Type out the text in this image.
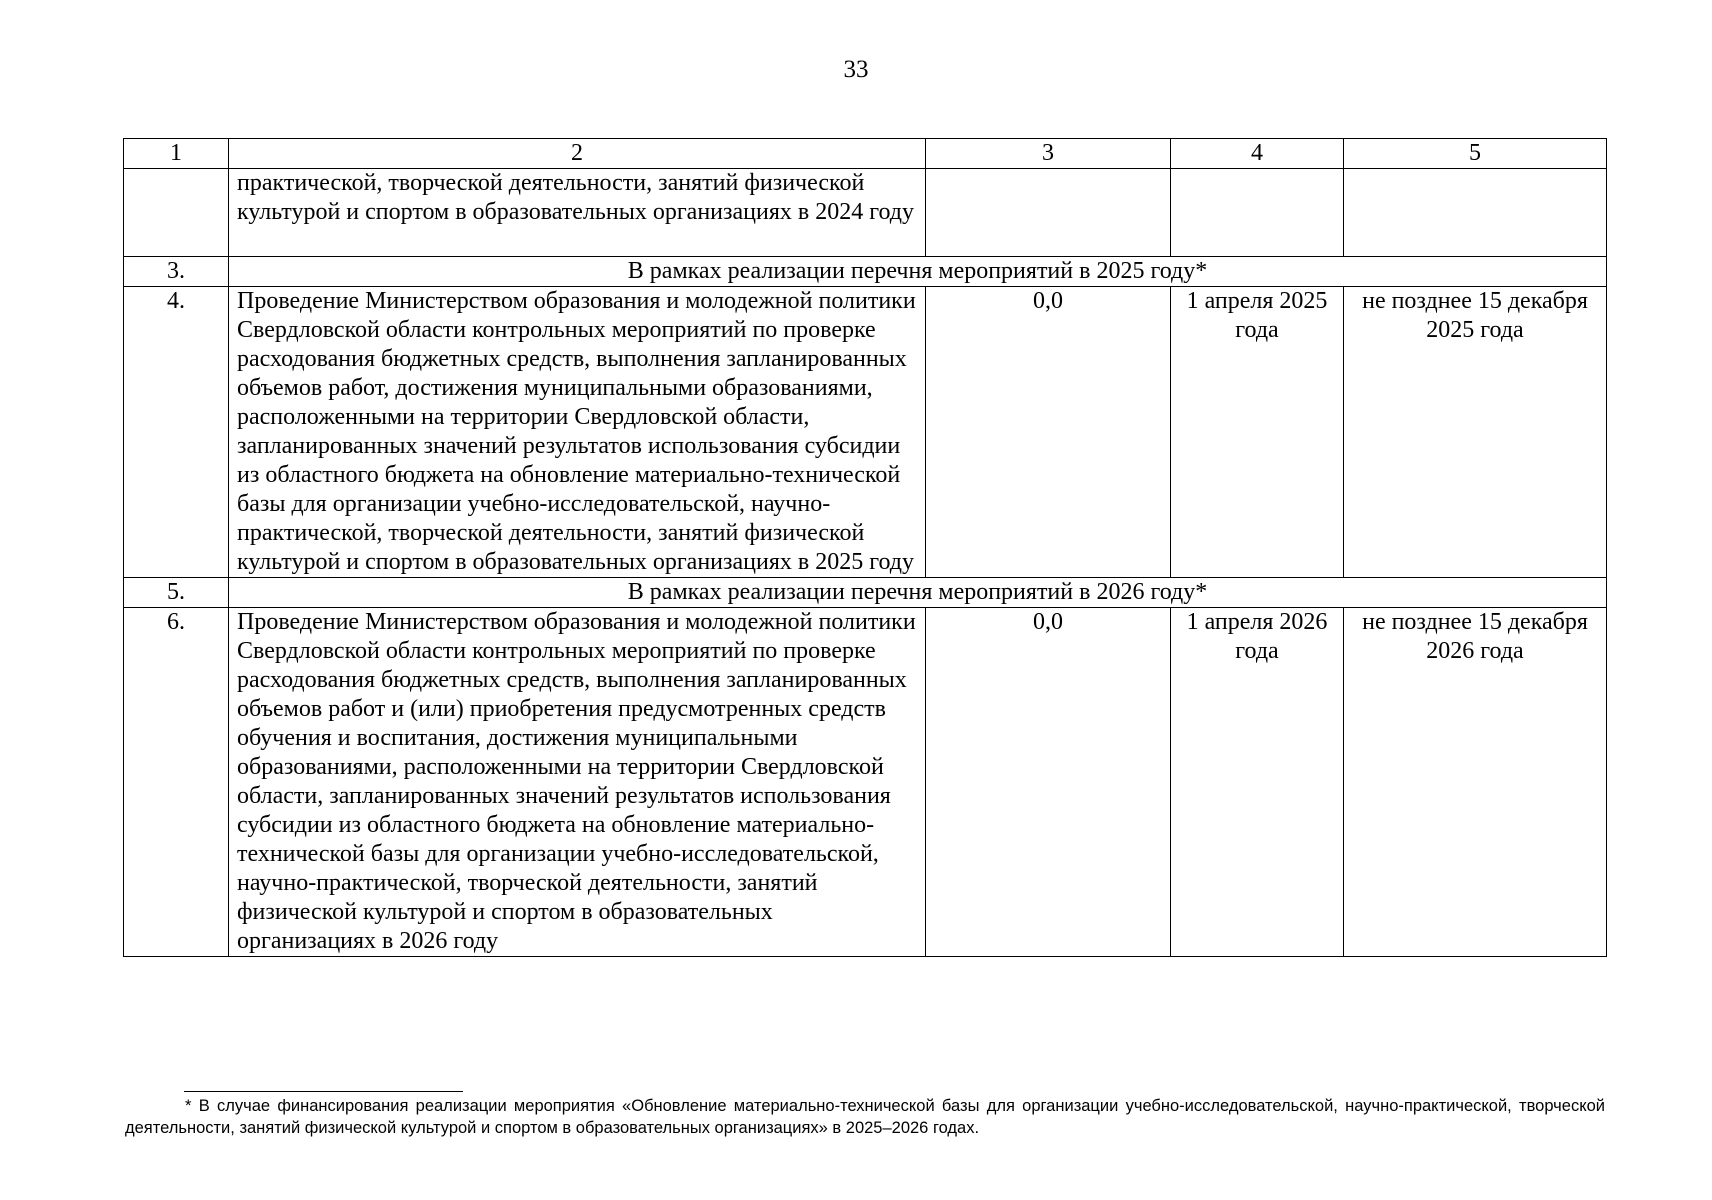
33
1	2	3	4	5
	практической, творческой деятельности, занятий физической культурой и спортом в образовательных организациях в 2024 году			
3.	В рамках реализации перечня мероприятий в 2025 году*			
4.	Проведение Министерством образования и молодежной политики Свердловской области контрольных мероприятий по проверке расходования бюджетных средств, выполнения запланированных объемов работ, достижения муниципальными образованиями, расположенными на территории Свердловской области, запланированных значений результатов использования субсидии из областного бюджета на обновление материально-технической базы для организации учебно-исследовательской, научно-практической, творческой деятельности, занятий физической культурой и спортом в образовательных организациях в 2025 году	0,0	1 апреля 2025 года	не позднее 15 декабря 2025 года
5.	В рамках реализации перечня мероприятий в 2026 году*			
6.	Проведение Министерством образования и молодежной политики Свердловской области контрольных мероприятий по проверке расходования бюджетных средств, выполнения запланированных объемов работ и (или) приобретения предусмотренных средств обучения и воспитания, достижения муниципальными образованиями, расположенными на территории Свердловской области, запланированных значений результатов использования субсидии из областного бюджета на обновление материально-технической базы для организации учебно-исследовательской, научно-практической, творческой деятельности, занятий физической культурой и спортом в образовательных организациях в 2026 году	0,0	1 апреля 2026 года	не позднее 15 декабря 2026 года
* В случае финансирования реализации мероприятия «Обновление материально-технической базы для организации учебно-исследовательской, научно-практической, творческой деятельности, занятий физической культурой и спортом в образовательных организациях» в 2025–2026 годах.
